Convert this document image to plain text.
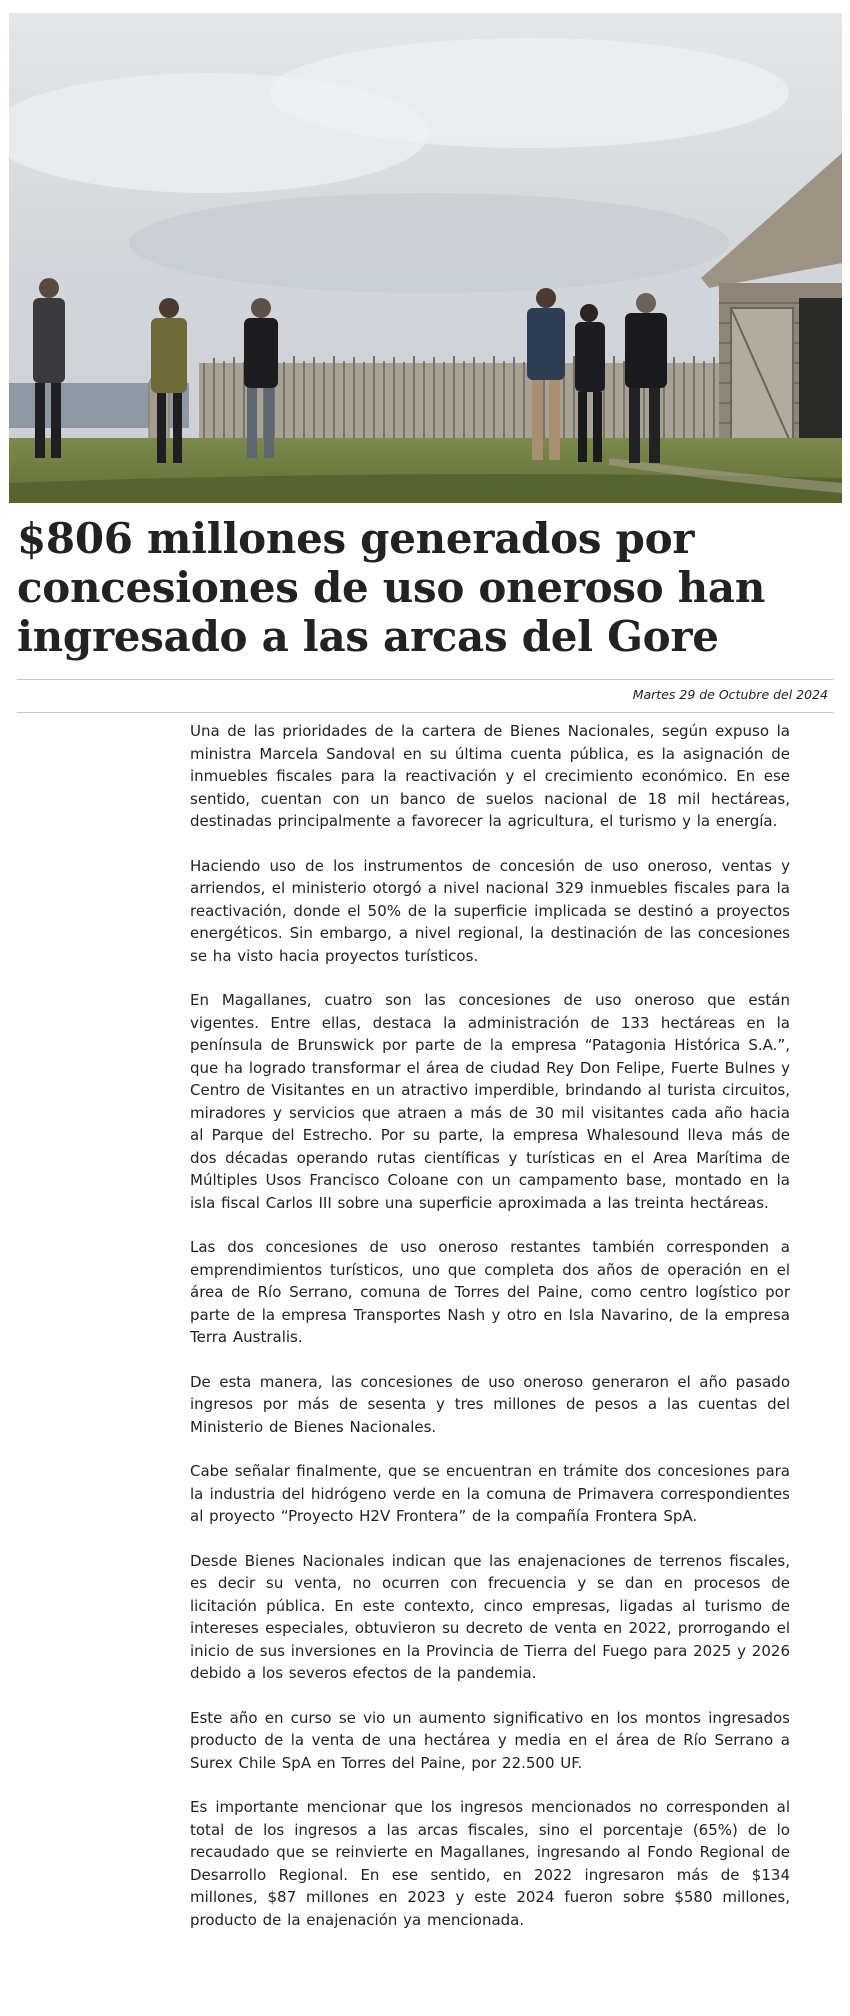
$806 millones generados por concesiones de uso oneroso han ingresado a las arcas del Gore
Martes 29 de Octubre del 2024

Una de las prioridades de la cartera de Bienes Nacionales, según expuso la ministra Marcela Sandoval en su última cuenta pública, es la asignación de inmuebles fiscales para la reactivación y el crecimiento económico. En ese sentido, cuentan con un banco de suelos nacional de 18 mil hectáreas, destinadas principalmente a favorecer la agricultura, el turismo y la energía.

Haciendo uso de los instrumentos de concesión de uso oneroso, ventas y arriendos, el ministerio otorgó a nivel nacional 329 inmuebles fiscales para la reactivación, donde el 50% de la superficie implicada se destinó a proyectos energéticos. Sin embargo, a nivel regional, la destinación de las concesiones se ha visto hacia proyectos turísticos.

En Magallanes, cuatro son las concesiones de uso oneroso que están vigentes. Entre ellas, destaca la administración de 133 hectáreas en la península de Brunswick por parte de la empresa “Patagonia Histórica S.A.”, que ha logrado transformar el área de ciudad Rey Don Felipe, Fuerte Bulnes y Centro de Visitantes en un atractivo imperdible, brindando al turista circuitos, miradores y servicios que atraen a más de 30 mil visitantes cada año hacia al Parque del Estrecho. Por su parte, la empresa Whalesound lleva más de dos décadas operando rutas científicas y turísticas en el Area Marítima de Múltiples Usos Francisco Coloane con un campamento base, montado en la isla fiscal Carlos III sobre una superficie aproximada a las treinta hectáreas.

Las dos concesiones de uso oneroso restantes también corresponden a emprendimientos turísticos, uno que completa dos años de operación en el área de Río Serrano, comuna de Torres del Paine, como centro logístico por parte de la empresa Transportes Nash y otro en Isla Navarino, de la empresa Terra Australis.

De esta manera, las concesiones de uso oneroso generaron el año pasado ingresos por más de sesenta y tres millones de pesos a las cuentas del Ministerio de Bienes Nacionales.

Cabe señalar finalmente, que se encuentran en trámite dos concesiones para la industria del hidrógeno verde en la comuna de Primavera correspondientes al proyecto “Proyecto H2V Frontera” de la compañía Frontera SpA.

Desde Bienes Nacionales indican que las enajenaciones de terrenos fiscales, es decir su venta, no ocurren con frecuencia y se dan en procesos de licitación pública. En este contexto, cinco empresas, ligadas al turismo de intereses especiales, obtuvieron su decreto de venta en 2022, prorrogando el inicio de sus inversiones en la Provincia de Tierra del Fuego para 2025 y 2026 debido a los severos efectos de la pandemia.

Este año en curso se vio un aumento significativo en los montos ingresados producto de la venta de una hectárea y media en el área de Río Serrano a Surex Chile SpA en Torres del Paine, por 22.500 UF.

Es importante mencionar que los ingresos mencionados no corresponden al total de los ingresos a las arcas fiscales, sino el porcentaje (65%) de lo recaudado que se reinvierte en Magallanes, ingresando al Fondo Regional de Desarrollo Regional. En ese sentido, en 2022 ingresaron más de $134 millones, $87 millones en 2023 y este 2024 fueron sobre $580 millones, producto de la enajenación ya mencionada.
